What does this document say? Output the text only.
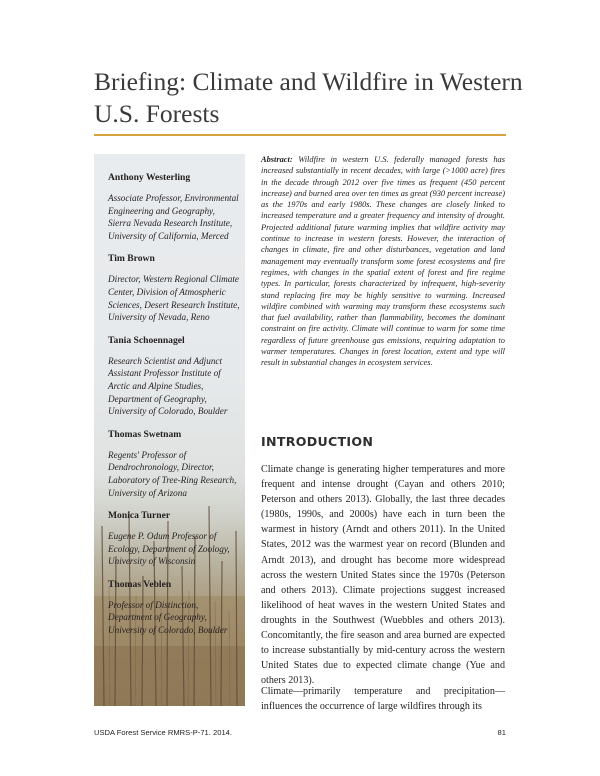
Briefing: Climate and Wildfire in Western U.S. Forests
Anthony Westerling
Associate Professor, Environmental Engineering and Geography, Sierra Nevada Research Institute, University of California, Merced
Tim Brown
Director, Western Regional Climate Center, Division of Atmospheric Sciences, Desert Research Institute, University of Nevada, Reno
Tania Schoennagel
Research Scientist and Adjunct Assistant Professor Institute of Arctic and Alpine Studies, Department of Geography, University of Colorado, Boulder
Thomas Swetnam
Regents' Professor of Dendrochronology, Director, Laboratory of Tree-Ring Research, University of Arizona
Monica Turner
Eugene P. Odum Professor of Ecology, Department of Zoology, University of Wisconsin
Thomas Veblen
Professor of Distinction, Department of Geography, University of Colorado, Boulder

Abstract: Wildfire in western U.S. federally managed forests has increased substantially in recent decades, with large (>1000 acre) fires in the decade through 2012 over five times as frequent (450 percent increase) and burned area over ten times as great (930 percent increase) as the 1970s and early 1980s. These changes are closely linked to increased temperature and a greater frequency and intensity of drought. Projected additional future warming implies that wildfire activity may continue to increase in western forests. However, the interaction of changes in climate, fire and other disturbances, vegetation and land management may eventually transform some forest ecosystems and fire regimes, with changes in the spatial extent of forest and fire regime types. In particular, forests characterized by infrequent, high-severity stand replacing fire may be highly sensitive to warming. Increased wildfire combined with warming may transform these ecosystems such that fuel availability, rather than flammability, becomes the dominant constraint on fire activity. Climate will continue to warm for some time regardless of future greenhouse gas emissions, requiring adaptation to warmer temperatures. Changes in forest location, extent and type will result in substantial changes in ecosystem services.

INTRODUCTION

Climate change is generating higher temperatures and more frequent and intense drought (Cayan and others 2010; Peterson and others 2013). Globally, the last three decades (1980s, 1990s, and 2000s) have each in turn been the warmest in history (Arndt and others 2011). In the United States, 2012 was the warmest year on record (Blunden and Arndt 2013), and drought has become more widespread across the western United States since the 1970s (Peterson and others 2013). Climate projections suggest increased likelihood of heat waves in the western United States and droughts in the Southwest (Wuebbles and others 2013). Concomitantly, the fire season and area burned are expected to increase substantially by mid-century across the western United States due to expected climate change (Yue and others 2013).

Climate—primarily temperature and precipitation—influences the occurrence of large wildfires through its

USDA Forest Service RMRS-P-71. 2014.	81
